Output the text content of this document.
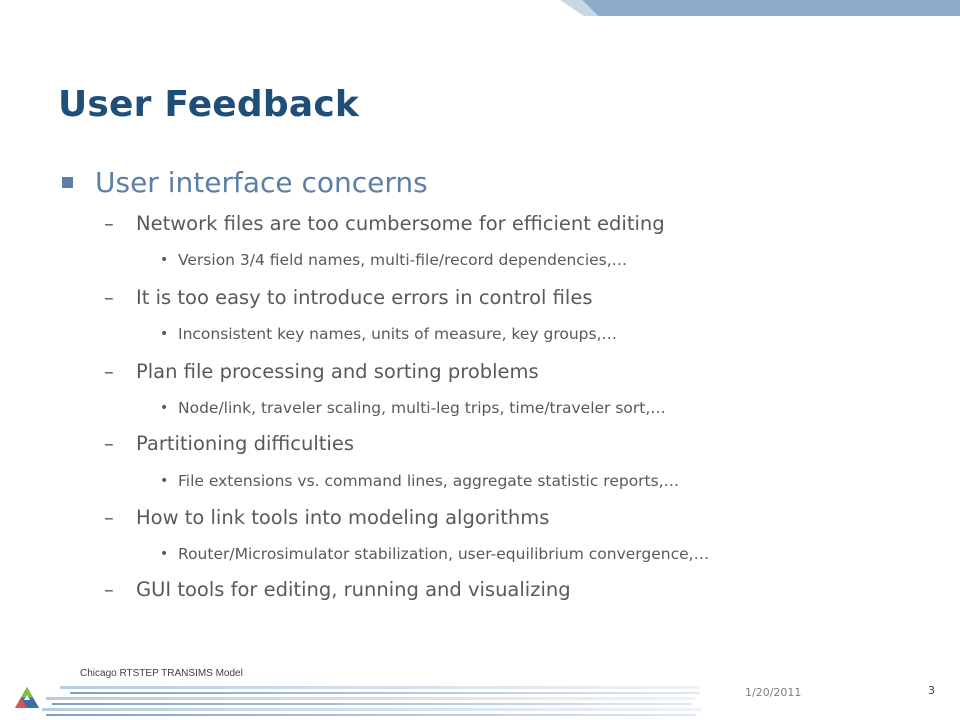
User Feedback
User interface concerns
–	Network files are too cumbersome for efficient editing
• Version 3/4 field names, multi-file/record dependencies,…
–	It is too easy to introduce errors in control files
• Inconsistent key names, units of measure, key groups,…
–	Plan file processing and sorting problems
• Node/link, traveler scaling, multi-leg trips, time/traveler sort,…
–	Partitioning difficulties
• File extensions vs. command lines, aggregate statistic reports,…
–	How to link tools into modeling algorithms
• Router/Microsimulator stabilization, user-equilibrium convergence,…
–	GUI tools for editing, running and visualizing
Chicago RTSTEP TRANSIMS Model
1/20/2011	3
